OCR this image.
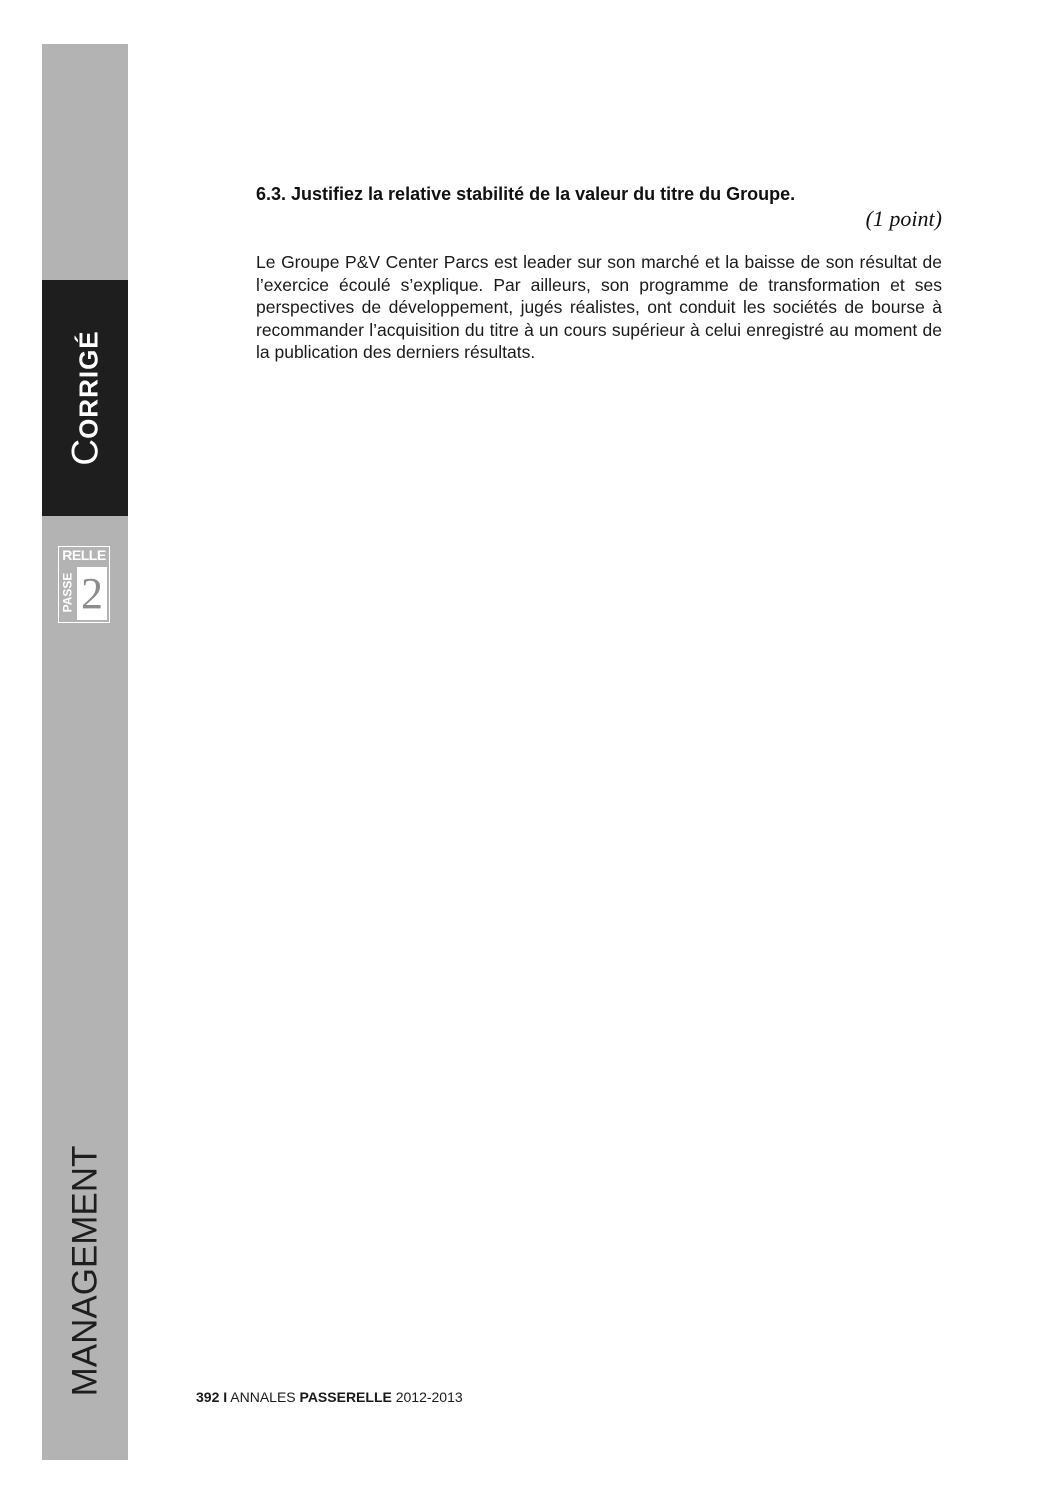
CORRIGÉ
RELLE
PASSE 2
MANAGEMENT

6.3. Justifiez la relative stabilité de la valeur du titre du Groupe.

(1 point)

Le Groupe P&V Center Parcs est leader sur son marché et la baisse de son résultat de l’exercice écoulé s’explique. Par ailleurs, son programme de transformation et ses perspectives de développement, jugés réalistes, ont conduit les sociétés de bourse à recommander l’acquisition du titre à un cours supérieur à celui enregistré au moment de la publication des derniers résultats.

392 I ANNALES PASSERELLE 2012-2013
